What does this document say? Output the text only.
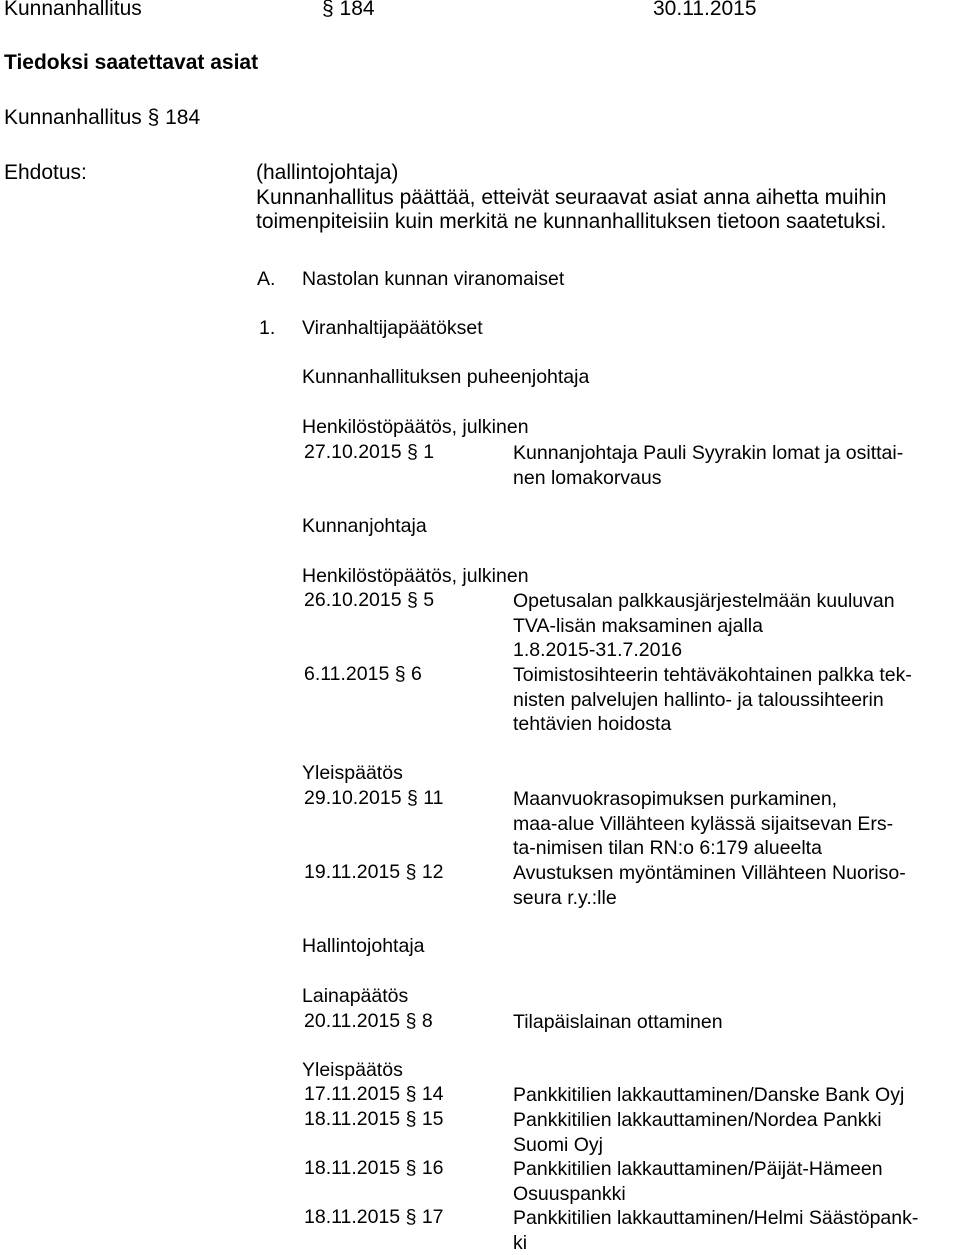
Kunnanhallitus	§ 184	30.11.2015
Tiedoksi saatettavat asiat
Kunnanhallitus § 184
Ehdotus:	(hallintojohtaja)
Kunnanhallitus päättää, etteivät seuraavat asiat anna aihetta muihin
toimenpiteisiin kuin merkitä ne kunnanhallituksen tietoon saatetuksi.
A. Nastolan kunnan viranomaiset
1. Viranhaltijapäätökset
Kunnanhallituksen puheenjohtaja
Henkilöstöpäätös, julkinen
27.10.2015 § 1	Kunnanjohtaja Pauli Syyrakin lomat ja osittai-
nen lomakorvaus
Kunnanjohtaja
Henkilöstöpäätös, julkinen
26.10.2015 § 5	Opetusalan palkkausjärjestelmään kuuluvan
TVA-lisän maksaminen ajalla
1.8.2015-31.7.2016
6.11.2015 § 6	Toimistosihteerin tehtäväkohtainen palkka tek-
nisten palvelujen hallinto- ja taloussihteerin
tehtävien hoidosta
Yleispäätös
29.10.2015 § 11	Maanvuokrasopimuksen purkaminen,
maa-alue Villähteen kylässä sijaitsevan Ers-
ta-nimisen tilan RN:o 6:179 alueelta
19.11.2015 § 12	Avustuksen myöntäminen Villähteen Nuoriso-
seura r.y.:lle
Hallintojohtaja
Lainapäätös
20.11.2015 § 8	Tilapäislainan ottaminen
Yleispäätös
17.11.2015 § 14	Pankkitilien lakkauttaminen/Danske Bank Oyj
18.11.2015 § 15	Pankkitilien lakkauttaminen/Nordea Pankki
Suomi Oyj
18.11.2015 § 16	Pankkitilien lakkauttaminen/Päijät-Hämeen
Osuuspankki
18.11.2015 § 17	Pankkitilien lakkauttaminen/Helmi Säästöpank-
ki
